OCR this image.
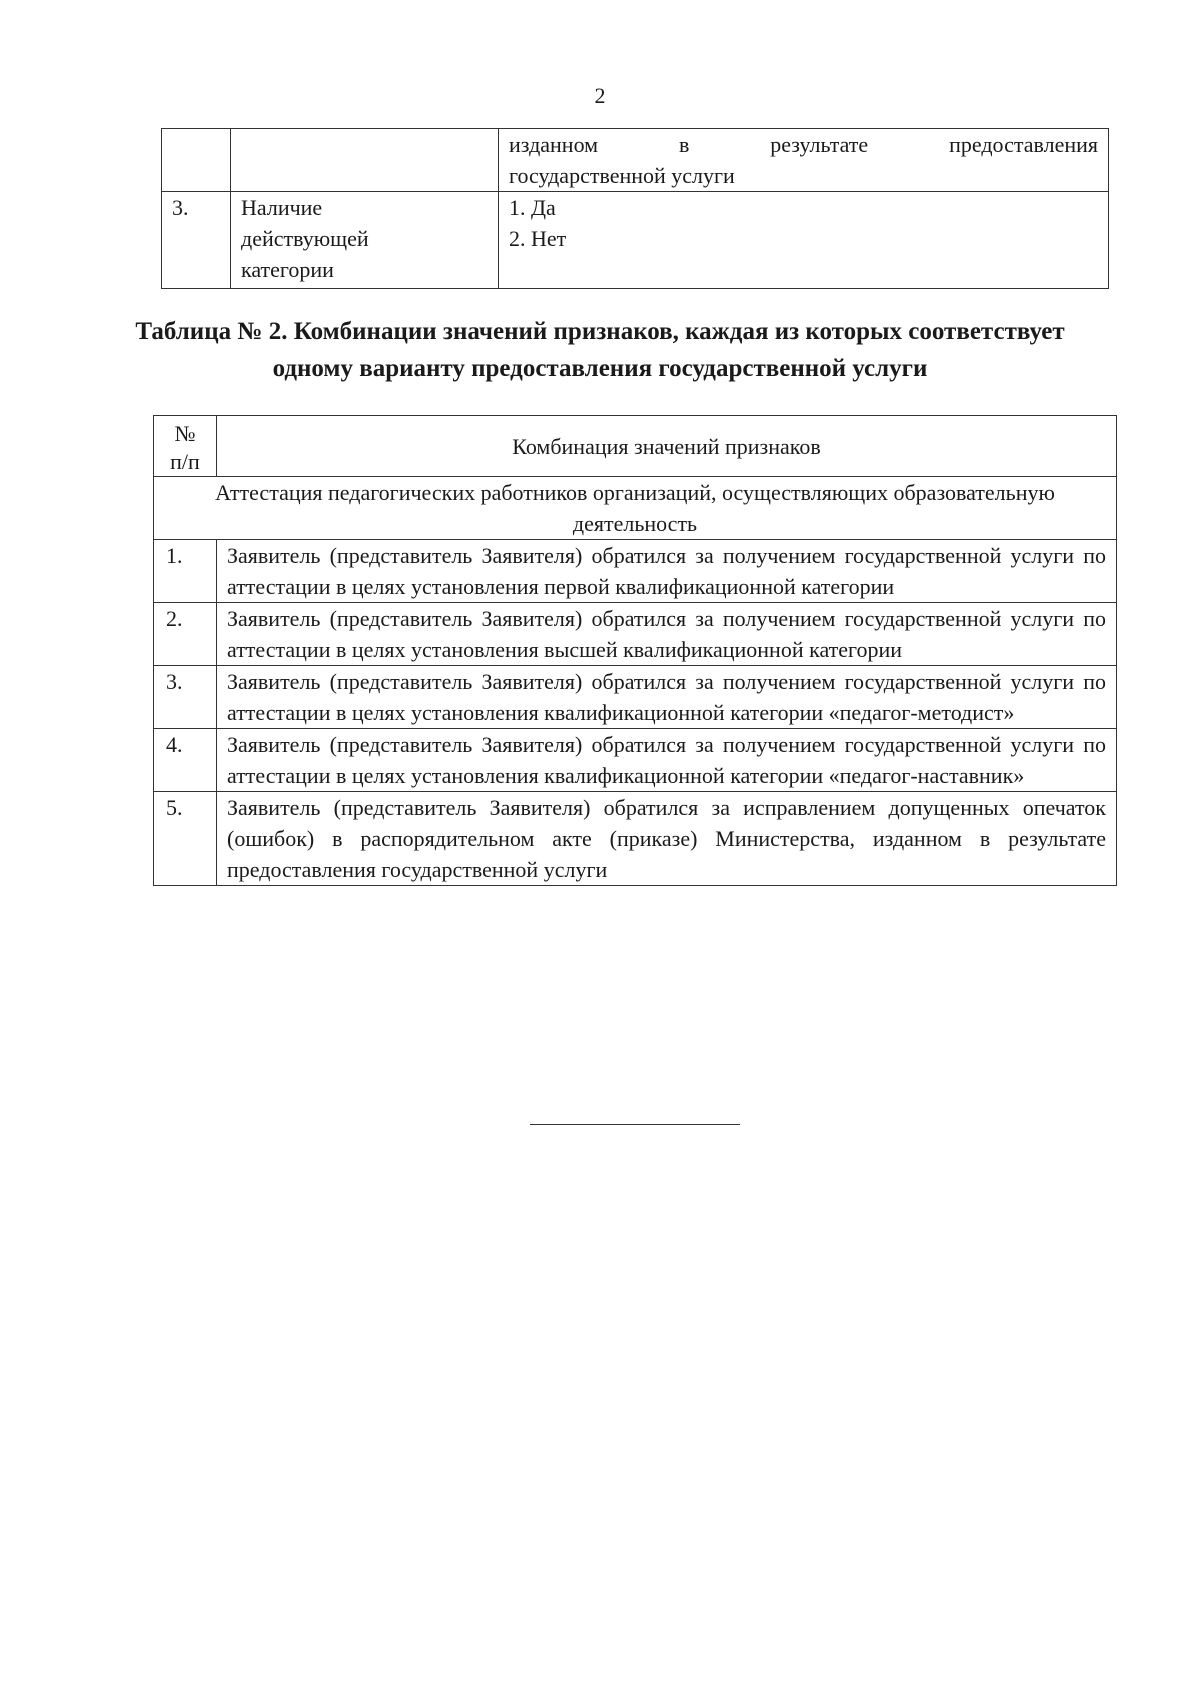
2

		изданном в результате предоставления
государственной услуги

3.	Наличие действующей категории	1. Да
2. Нет
Таблица № 2. Комбинации значений признаков, каждая из которых соответствует одному варианту предоставления государственной услуги
№ п/п	Комбинация значений признаков
Аттестация педагогических работников организаций, осуществляющих образовательную деятельность	
1.	Заявитель (представитель Заявителя) обратился за получением государственной услуги по аттестации в целях установления первой квалификационной категории
2.	Заявитель (представитель Заявителя) обратился за получением государственной услуги по аттестации в целях установления высшей квалификационной категории
3.	Заявитель (представитель Заявителя) обратился за получением государственной услуги по аттестации в целях установления квалификационной категории «педагог-методист»
4.	Заявитель (представитель Заявителя) обратился за получением государственной услуги по аттестации в целях установления квалификационной категории «педагог-наставник»
5.	Заявитель (представитель Заявителя) обратился за исправлением допущенных опечаток (ошибок) в распорядительном акте (приказе) Министерства, изданном в результате предоставления государственной услуги
